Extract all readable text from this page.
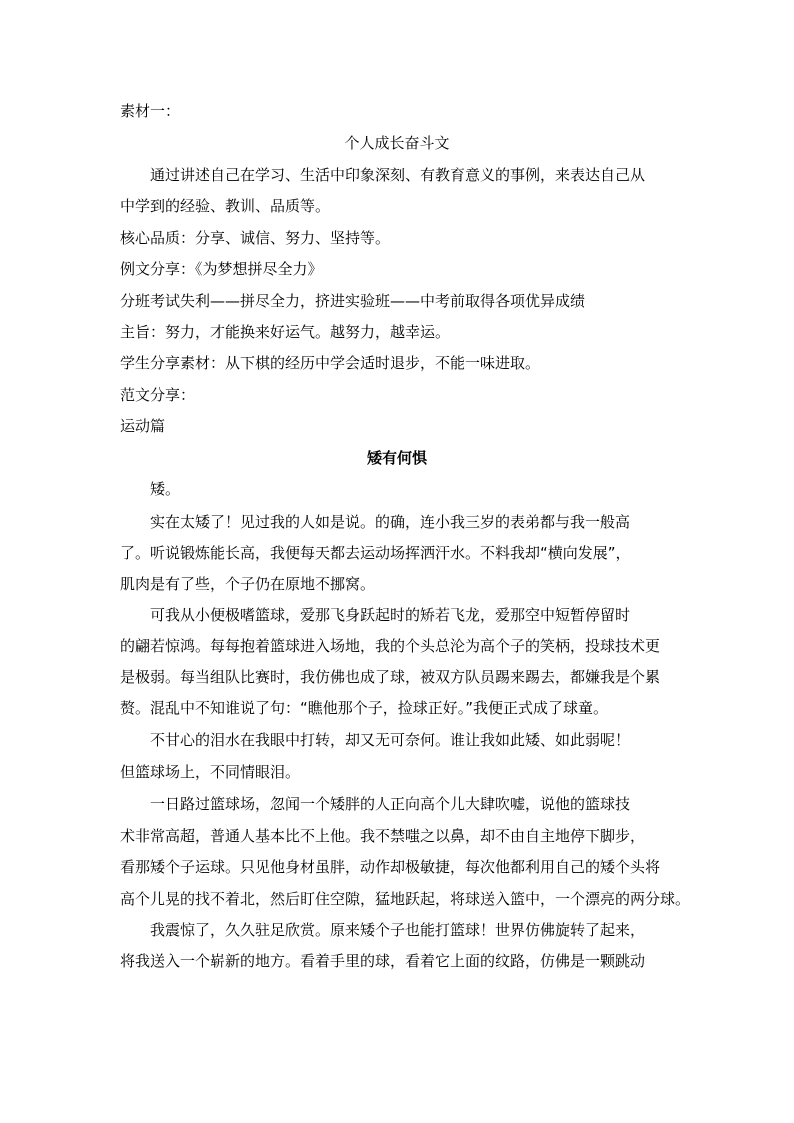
素材一：
个人成长奋斗文
通过讲述自己在学习、生活中印象深刻、有教育意义的事例，来表达自己从
中学到的经验、教训、品质等。
核心品质：分享、诚信、努力、坚持等。
例文分享：《为梦想拼尽全力》
分班考试失利——拼尽全力，挤进实验班——中考前取得各项优异成绩
主旨：努力，才能换来好运气。越努力，越幸运。
学生分享素材：从下棋的经历中学会适时退步，不能一味进取。
范文分享：
运动篇
矮有何惧
矮。
实在太矮了！见过我的人如是说。的确，连小我三岁的表弟都与我一般高
了。听说锻炼能长高，我便每天都去运动场挥洒汗水。不料我却“横向发展”，
肌肉是有了些，个子仍在原地不挪窝。
可我从小便极嗜篮球，爱那飞身跃起时的矫若飞龙，爱那空中短暂停留时
的翩若惊鸿。每每抱着篮球进入场地，我的个头总沦为高个子的笑柄，投球技术更
是极弱。每当组队比赛时，我仿佛也成了球，被双方队员踢来踢去，都嫌我是个累
赘。混乱中不知谁说了句：“瞧他那个子，捡球正好。”我便正式成了球童。
不甘心的泪水在我眼中打转，却又无可奈何。谁让我如此矮、如此弱呢！
但篮球场上，不同情眼泪。
一日路过篮球场，忽闻一个矮胖的人正向高个儿大肆吹嘘，说他的篮球技
术非常高超，普通人基本比不上他。我不禁嗤之以鼻，却不由自主地停下脚步，
看那矮个子运球。只见他身材虽胖，动作却极敏捷，每次他都利用自己的矮个头将
高个儿晃的找不着北，然后盯住空隙，猛地跃起，将球送入篮中，一个漂亮的两分球。
我震惊了，久久驻足欣赏。原来矮个子也能打篮球！世界仿佛旋转了起来，
将我送入一个崭新的地方。看着手里的球，看着它上面的纹路，仿佛是一颗跳动
